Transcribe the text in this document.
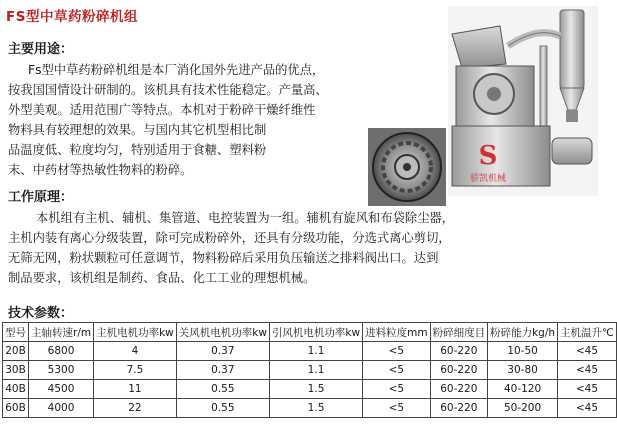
FS型中草药粉碎机组
主要用途：
Fs型中草药粉碎机组是本厂消化国外先进产品的优点，
按我国国情设计研制的。该机具有技术性能稳定。产量高、
外型美观。适用范围广等特点。本机对于粉碎干燥纤维性
物料具有较理想的效果。与国内其它机型相比制
品温度低、粒度均匀，特别适用于食糖、塑料粉
末、中药材等热敏性物料的粉碎。
工作原理：
本机组有主机、辅机、集管道、电控装置为一组。辅机有旋风和布袋除尘器，
主机内装有离心分级装置，除可完成粉碎外，还具有分级功能，分选式离心剪切，
无筛无网，粉状颗粒可任意调节，物料粉碎后采用负压输送之排料阀出口。达到
制品要求，该机组是制药、食品、化工工业的理想机械。
技术参数：
S
骄凯机械
型号	主轴转速r/m	主机电机功率kw	关风机电机功率kw	引风机电机功率kw	进料粒度mm	粉碎细度目	粉碎能力kg/h	主机温升℃
20B	6800	4	0.37	1.1	<5	60-220	10-50	<45
30B	5300	7.5	0.37	1.1	<5	60-220	30-80	<45
40B	4500	11	0.55	1.5	<5	60-220	40-120	<45
60B	4000	22	0.55	1.5	<5	60-220	50-200	<45
